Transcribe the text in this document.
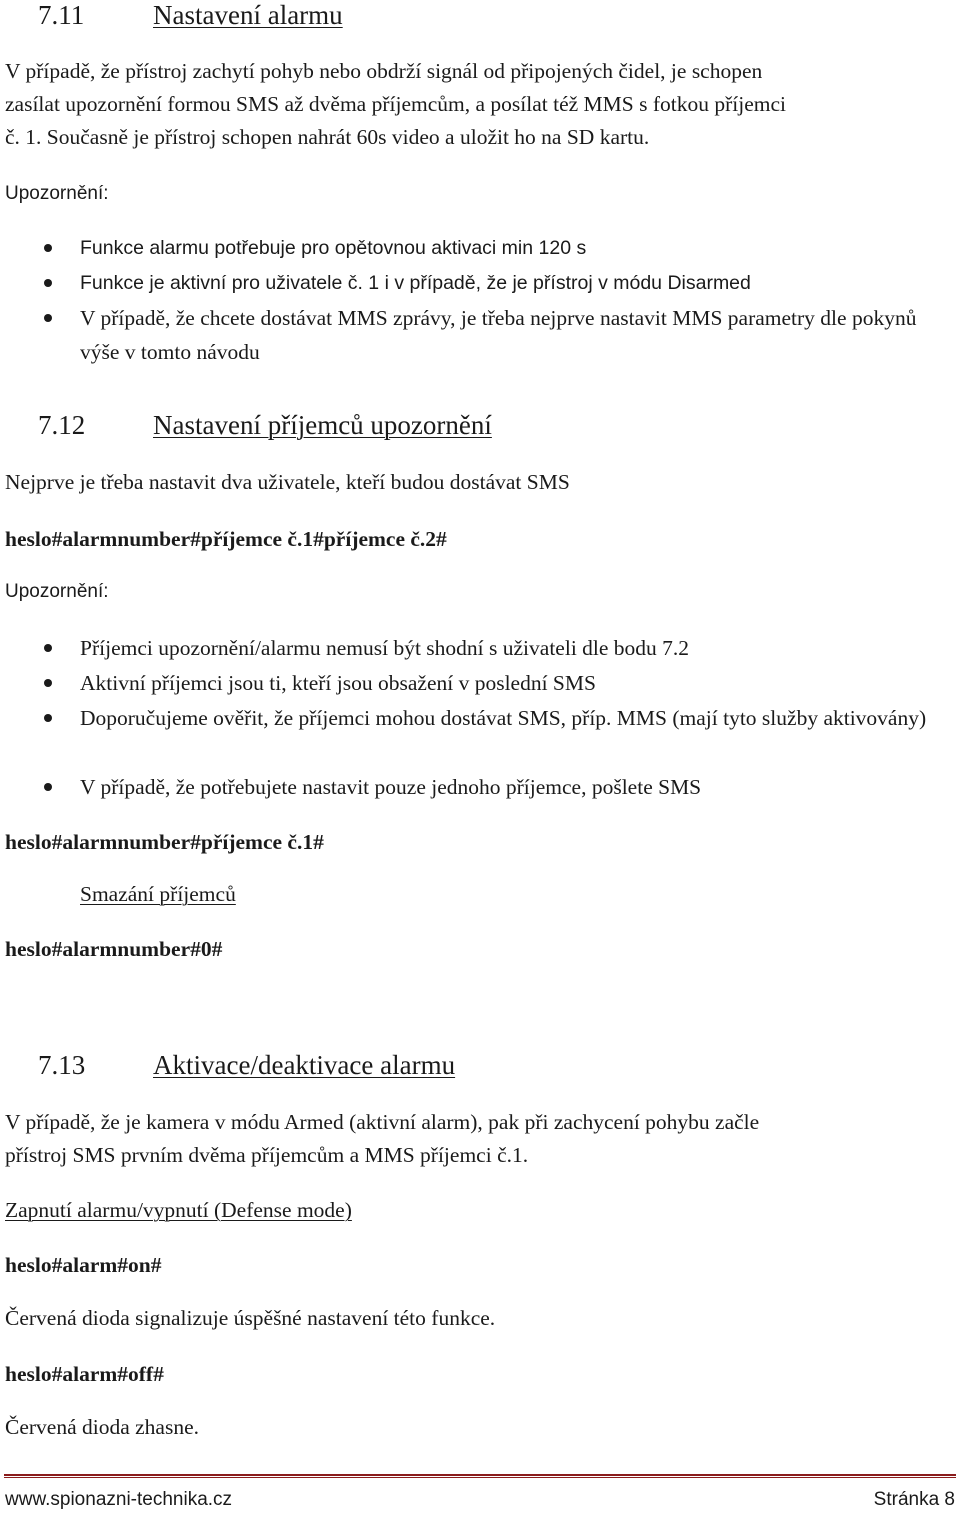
7.11	Nastavení alarmu
V případě, že přístroj zachytí pohyb nebo obdrží signál od připojených čidel, je schopen
zasílat upozornění formou SMS až dvěma příjemcům, a posílat též MMS s fotkou příjemci
č. 1. Současně je přístroj schopen nahrát 60s video a uložit ho na SD kartu.
Upozornění:
Funkce alarmu potřebuje pro opětovnou aktivaci min 120 s
Funkce je aktivní pro uživatele č. 1 i v případě, že je přístroj v módu Disarmed
V případě, že chcete dostávat MMS zprávy, je třeba nejprve nastavit MMS parametry dle pokynů výše v tomto návodu
7.12	Nastavení příjemců upozornění
Nejprve je třeba nastavit dva uživatele, kteří budou dostávat SMS
heslo#alarmnumber#příjemce č.1#příjemce č.2#
Upozornění:
Příjemci upozornění/alarmu nemusí být shodní s uživateli dle bodu 7.2
Aktivní příjemci jsou ti, kteří jsou obsažení v poslední SMS
Doporučujeme ověřit, že příjemci mohou dostávat SMS, příp. MMS (mají tyto služby aktivovány)
V případě, že potřebujete nastavit pouze jednoho příjemce, pošlete SMS
heslo#alarmnumber#příjemce č.1#
Smazání příjemců
heslo#alarmnumber#0#
7.13	Aktivace/deaktivace alarmu
V případě, že je kamera v módu Armed (aktivní alarm), pak při zachycení pohybu začle
přístroj SMS prvním dvěma příjemcům a MMS příjemci č.1.
Zapnutí alarmu/vypnutí (Defense mode)
heslo#alarm#on#
Červená dioda signalizuje úspěšné nastavení této funkce.
heslo#alarm#off#
Červená dioda zhasne.
www.spionazni-technika.cz	Stránka 8
